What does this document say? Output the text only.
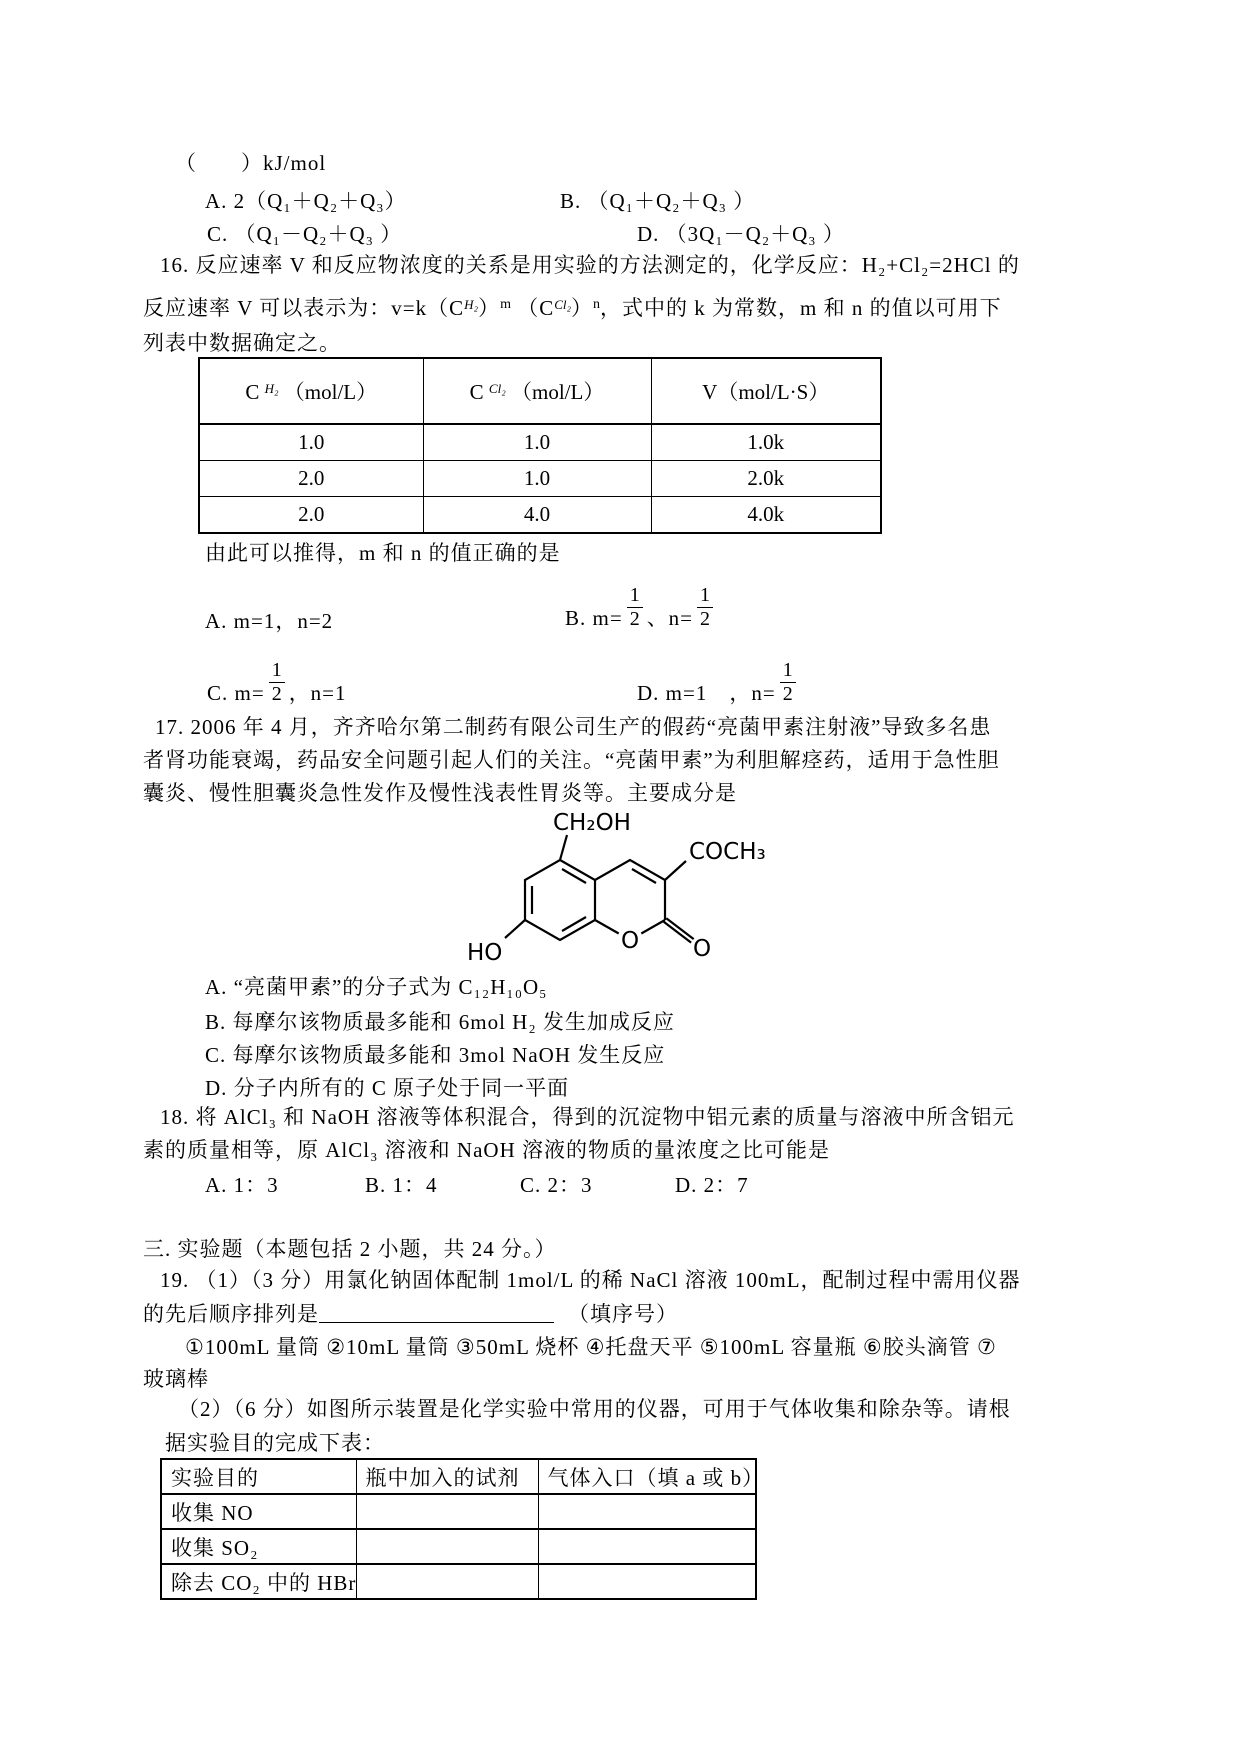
（　　）kJ/mol
A. 2（Q₁＋Q₂＋Q₃）	B. （Q₁＋Q₂＋Q₃ ）
C. （Q₁－Q₂＋Q₃ ）	D. （3Q₁－Q₂＋Q₃ ）
16. 反应速率 V 和反应物浓度的关系是用实验的方法测定的，化学反应：H₂+Cl₂=2HCl 的
反应速率 V 可以表示为：$v=k(C^{H_2})^m$ $(C^{Cl_2})^n$，式中的 k 为常数，m 和 n 的值以可用下
列表中数据确定之。
C $^{H_2}$ （mol/L）	C $^{Cl_2}$ （mol/L）	V（mol/L·S）
1.0	1.0	1.0k
2.0	1.0	2.0k
2.0	4.0	4.0k
由此可以推得，m 和 n 的值正确的是
A. m=1，n=2	B. $m= \frac{1}{2}$ 、$n= \frac{1}{2}$
C. $m= \frac{1}{2}$ ，n=1	D. m=1　，$n= \frac{1}{2}$
17. 2006 年 4 月，齐齐哈尔第二制药有限公司生产的假药“亮菌甲素注射液”导致多名患
者肾功能衰竭，药品安全问题引起人们的关注。“亮菌甲素”为利胆解痉药，适用于急性胆
囊炎、慢性胆囊炎急性发作及慢性浅表性胃炎等。主要成分是
CH₂OH
COCH₃
HO	O O
A. “亮菌甲素”的分子式为 C₁₂H₁₀O₅
B. 每摩尔该物质最多能和 6mol H₂ 发生加成反应
C. 每摩尔该物质最多能和 3mol NaOH 发生反应
D. 分子内所有的 C 原子处于同一平面
18. 将 AlCl₃ 和 NaOH 溶液等体积混合，得到的沉淀物中铝元素的质量与溶液中所含铝元
素的质量相等，原 AlCl₃ 溶液和 NaOH 溶液的物质的量浓度之比可能是
A. 1：3	B. 1：4	C. 2：3	D. 2：7
三. 实验题（本题包括 2 小题，共 24 分。）
19. （1）（3 分）用氯化钠固体配制 1mol/L 的稀 NaCl 溶液 100mL，配制过程中需用仪器
的先后顺序排列是	（填序号）
①100mL 量筒 ②10mL 量筒 ③50mL 烧杯 ④托盘天平 ⑤100mL 容量瓶 ⑥胶头滴管 ⑦
玻璃棒
（2）（6 分）如图所示装置是化学实验中常用的仪器，可用于气体收集和除杂等。请根
据实验目的完成下表：
实验目的	瓶中加入的试剂	气体入口（填 a 或 b）
收集 NO		
收集 SO₂		
除去 CO₂ 中的 HBr		
